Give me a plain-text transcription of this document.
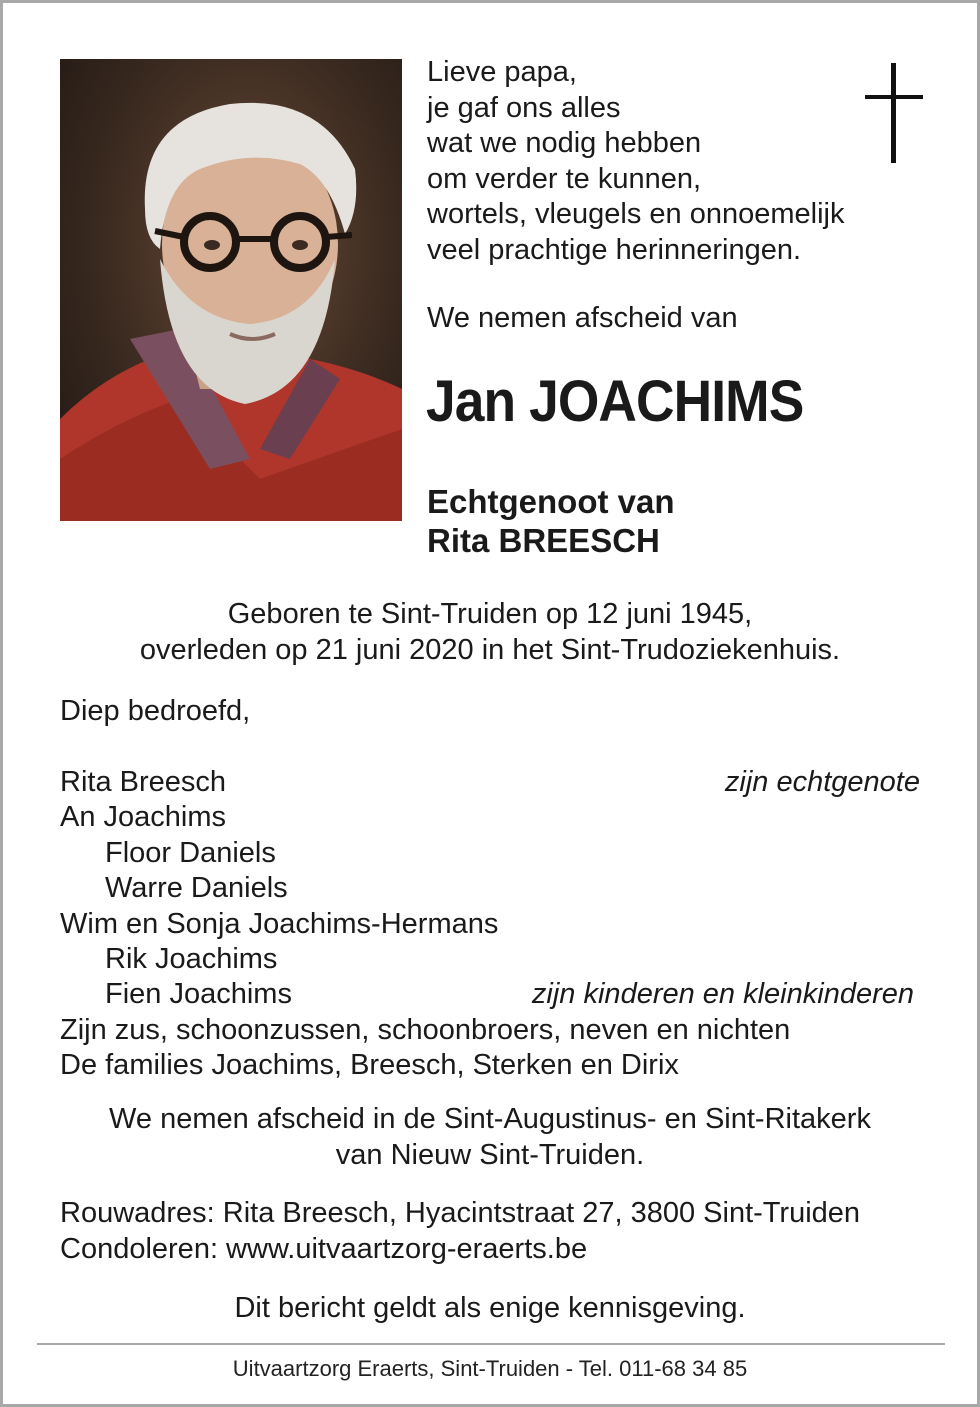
Lieve papa,
je gaf ons alles
wat we nodig hebben
om verder te kunnen,
wortels, vleugels en onnoemelijk
veel prachtige herinneringen.
We nemen afscheid van
Jan JOACHIMS
Echtgenoot van
Rita BREESCH
Geboren te Sint-Truiden op 12 juni 1945,
overleden op 21 juni 2020 in het Sint-Trudoziekenhuis.
Diep bedroefd,
Rita Breesch	zijn echtgenote
An Joachims
Floor Daniels
Warre Daniels
Wim en Sonja Joachims-Hermans
Rik Joachims
Fien Joachims	zijn kinderen en kleinkinderen
Zijn zus, schoonzussen, schoonbroers, neven en nichten
De families Joachims, Breesch, Sterken en Dirix
We nemen afscheid in de Sint-Augustinus- en Sint-Ritakerk
van Nieuw Sint-Truiden.
Rouwadres: Rita Breesch, Hyacintstraat 27, 3800 Sint-Truiden
Condoleren: www.uitvaartzorg-eraerts.be
Dit bericht geldt als enige kennisgeving.
Uitvaartzorg Eraerts, Sint-Truiden - Tel. 011-68 34 85
